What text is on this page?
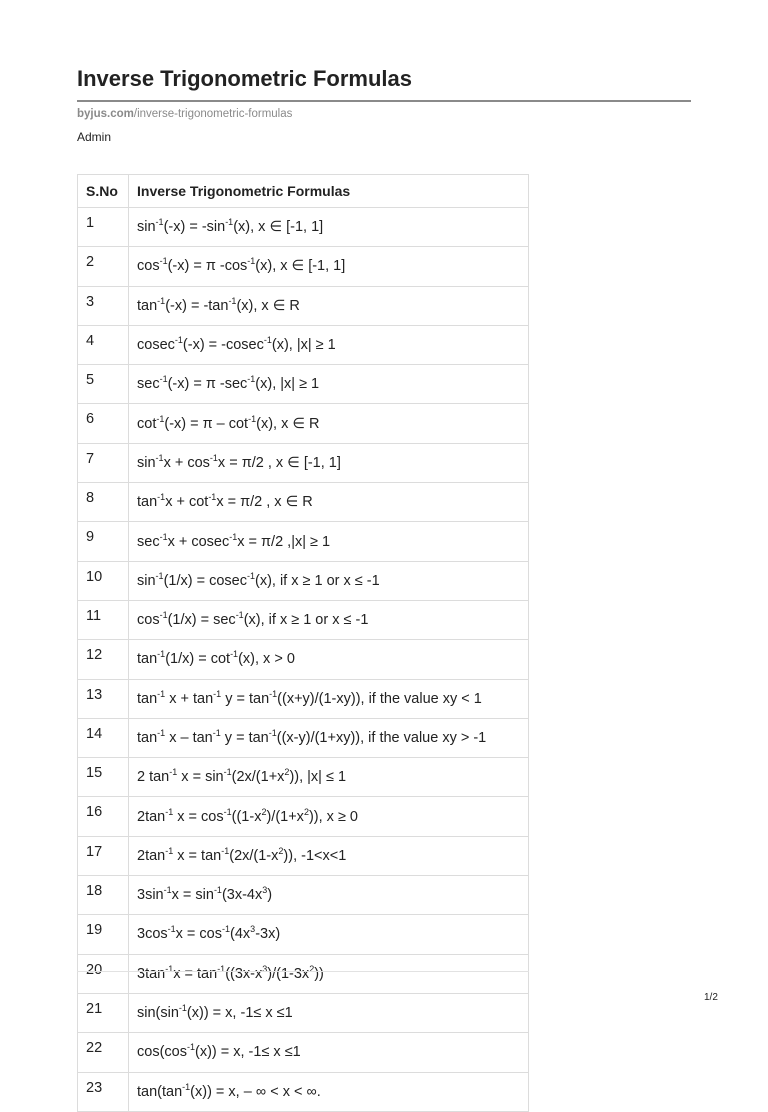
Inverse Trigonometric Formulas
byjus.com/inverse-trigonometric-formulas
Admin
S.No	Inverse Trigonometric Formulas
1	$\sin^{-1}(-x) = -\sin^{-1}(x)$, x ∈ [-1, 1]
2	$\cos^{-1}(-x) = \pi$ $-\cos^{-1}(x)$, x ∈ [-1, 1]
3	$\tan^{-1}(-x) = -\tan^{-1}(x)$, x ∈ R
4	cosec$^{-1}$(-x) = -cosec$^{-1}$(x), |x| ≥ 1
5	$\sec^{-1}(-x) = \pi$ $-\sec^{-1}(x)$, |x| ≥ 1
6	$\cot^{-1}(-x) = \pi - \cot^{-1}(x)$, x ∈ R
7	$\sin^{-1}x + \cos^{-1}x = \pi/2$ , x ∈ [-1, 1]
8	$\tan^{-1}x + \cot^{-1}x = \pi/2$ , x ∈ R
9	$\sec^{-1}x + cosec^{-1}x = \pi/2$ ,|x| ≥ 1
10	$\sin^{-1}(1/x) = cosec^{-1}(x)$, if x ≥ 1 or x ≤ -1
11	$\cos^{-1}(1/x) = \sec^{-1}(x)$, if x ≥ 1 or x ≤ -1
12	$\tan^{-1}(1/x) = \cot^{-1}(x)$, x > 0
13	$\tan^{-1} x + \tan^{-1} y = \tan^{-1}((x+y)/(1-xy))$, if the value xy < 1
14	$\tan^{-1} x - \tan^{-1} y = \tan^{-1}((x-y)/(1+xy))$, if the value xy > -1
15	2 $\tan^{-1} x = \sin^{-1}(2x/(1+x^2))$, |x| ≤ 1
16	$2\tan^{-1}$ $x = \cos^{-1}((1-x^2)/(1+x^2))$, x ≥ 0
17	$2\tan^{-1}$ $x = \tan^{-1}(2x/(1-x^2))$, -1<x<1
18	$3\sin^{-1}x = \sin^{-1}(3x-4x^3)$
19	$3\cos^{-1}x = \cos^{-1}(4x^3-3x)$
20	$3\tan^{-1}x = \tan^{-1}((3x-x^3)/(1-3x^2))$
21	$\sin(\sin^{-1}(x)) = x$, -1≤ x ≤1
22	$\cos(\cos^{-1}(x)) = x$, -1≤ x ≤1
23	$\tan(\tan^{-1}(x)) = x$, – ∞ < x < ∞.
1/2
